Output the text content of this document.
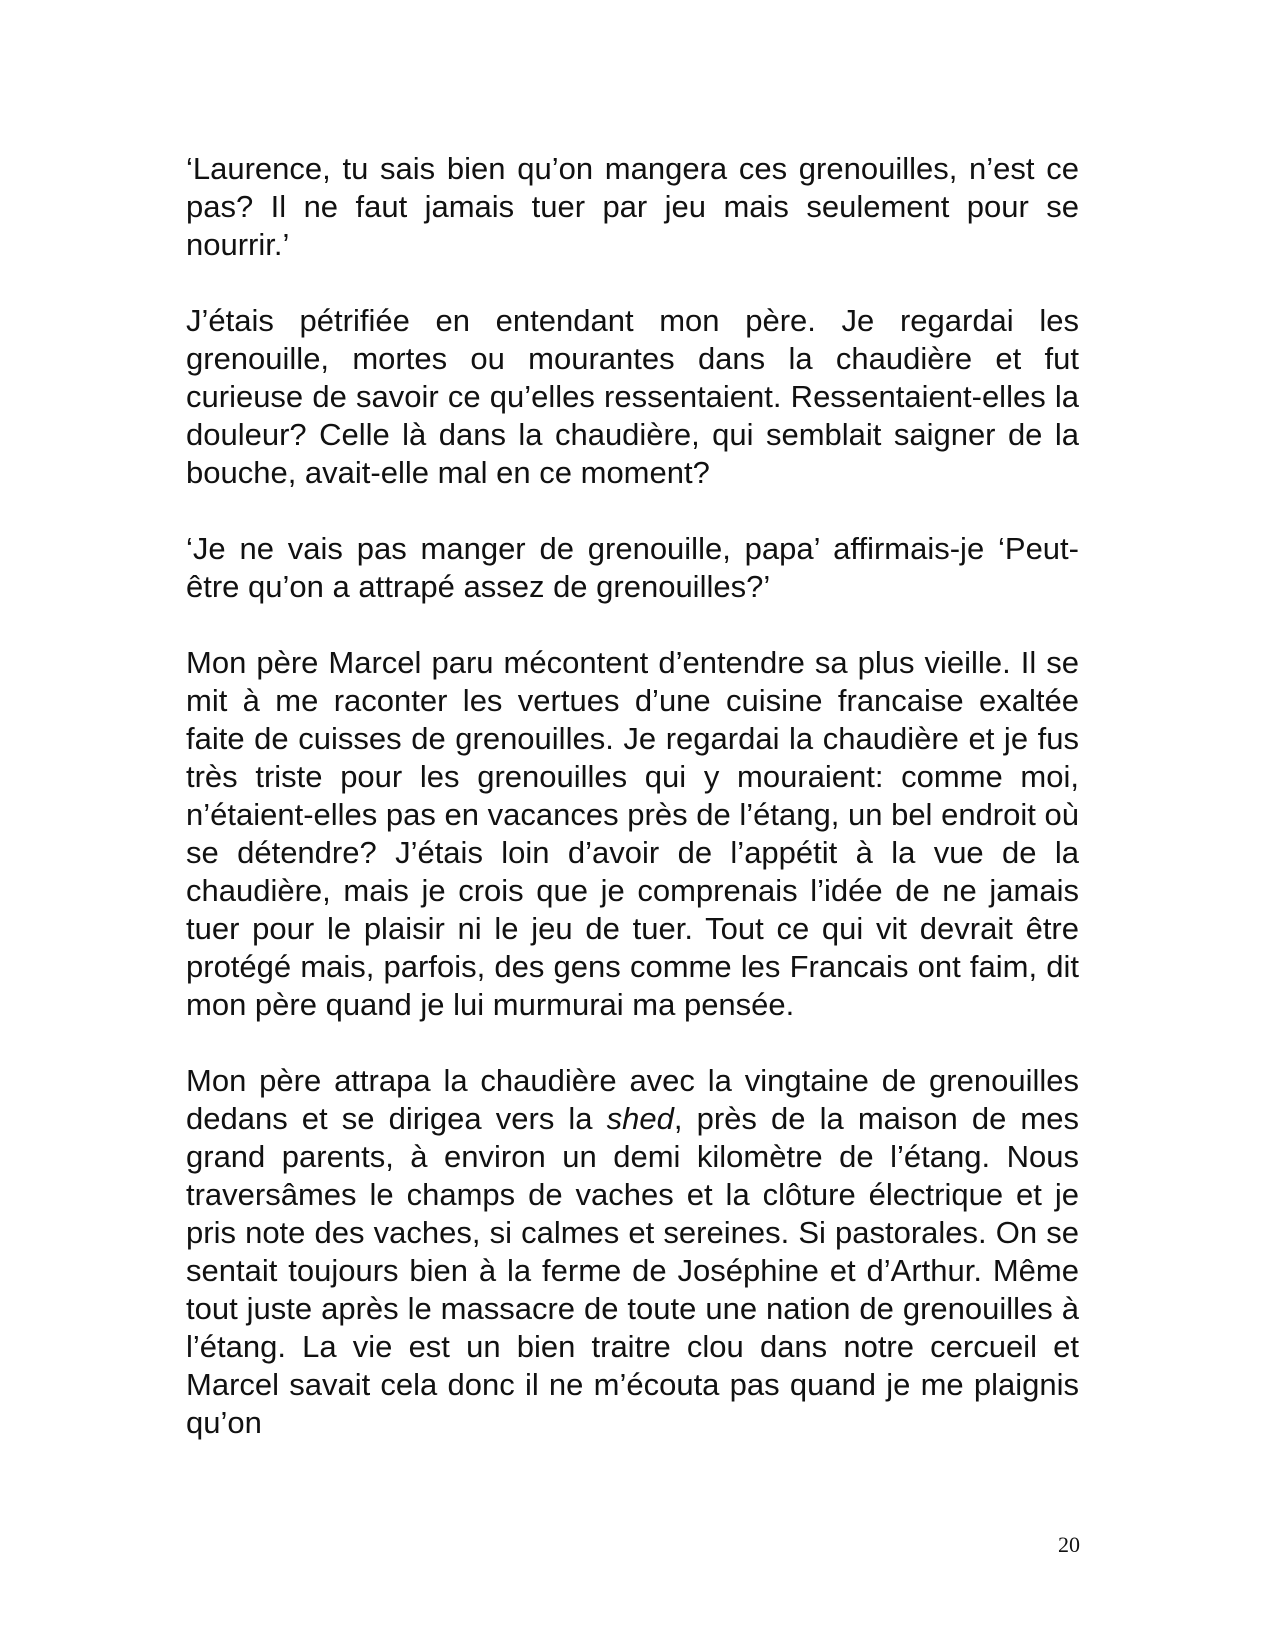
‘Laurence, tu sais bien qu’on mangera ces grenouilles, n’est ce pas? Il ne faut jamais tuer par jeu mais seulement pour se nourrir.’

J’étais pétrifiée en entendant mon père. Je regardai les grenouille, mortes ou mourantes dans la chaudière et fut curieuse de savoir ce qu’elles ressentaient. Ressentaient-elles la douleur? Celle là dans la chaudière, qui semblait saigner de la bouche, avait-elle mal en ce moment?

‘Je ne vais pas manger de grenouille, papa’ affirmais-je ‘Peut-être qu’on a attrapé assez de grenouilles?’

Mon père Marcel paru mécontent d’entendre sa plus vieille. Il se mit à me raconter les vertues d’une cuisine francaise exaltée faite de cuisses de grenouilles. Je regardai la chaudière et je fus très triste pour les grenouilles qui y mouraient: comme moi, n’étaient-elles pas en vacances près de l’étang, un bel endroit où se détendre? J’étais loin d’avoir de l’appétit à la vue de la chaudière, mais je crois que je comprenais l’idée de ne jamais tuer pour le plaisir ni le jeu de tuer. Tout ce qui vit devrait être protégé mais, parfois, des gens comme les Francais ont faim, dit mon père quand je lui murmurai ma pensée.

Mon père attrapa la chaudière avec la vingtaine de grenouilles dedans et se dirigea vers la shed, près de la maison de mes grand parents, à environ un demi kilomètre de l’étang. Nous traversâmes le champs de vaches et la clôture électrique et je pris note des vaches, si calmes et sereines. Si pastorales. On se sentait toujours bien à la ferme de Joséphine et d’Arthur. Même tout juste après le massacre de toute une nation de grenouilles à l’étang. La vie est un bien traitre clou dans notre cercueil et Marcel savait cela donc il ne m’écouta pas quand je me plaignis qu’on

20
